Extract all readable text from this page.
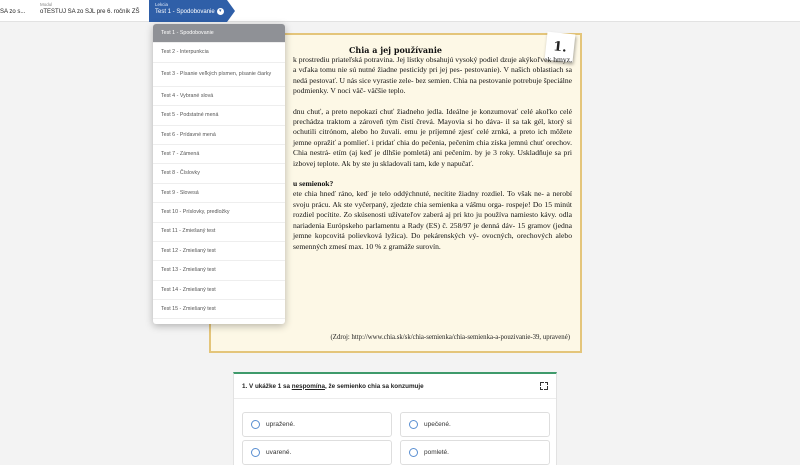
SA zo s...
Modul
oTESTUJ SA zo SJL pre 6. ročník ZŠ
Lekcia
Test 1 - Spodobovanie ▾
1.
Chia a jej používanie

k prostrediu priateľská potravina. Jej lístky obsahujú vysoký podiel dzuje akýkoľvek hmyz, a vďaka tomu nie sú nutné žiadne pesticídy pri jej pes- pestovanie). V našich oblastiach sa nedá pestovať. U nás sice vyrastie zele- bez semien. Chia na pestovanie potrebuje špeciálne podmienky. V noci väč- väčšie teplo.

dnu chuť, a preto nepokazí chuť žiadneho jedla. Ideálne je konzumovať celé akoľko celé prechádza traktom a zároveň tým čistí črevá. Mayovia si ho dáva- il sa tak gél, ktorý si ochutili citrónom, alebo ho žuvali. emu je príjemné zjesť celé zrnká, a preto ich môžete jemne opražiť a pomlieť. i pridať chia do pečenia, pečením chia získa jemnú chuť orechov. Chia nestrá- etím (aj keď je dlhšie pomletá) ani pečením. by je 3 roky. Uskladňuje sa pri izbovej teplote. Ak by ste ju skladovali tam, kde y napučať.

u semienok?

ete chia hneď ráno, keď je telo oddýchnuté, necítite žiadny rozdiel. To však ne- a nerobí svoju prácu. Ak ste vyčerpaný, zjedzte chia semienka a vášmu orga- rospeje! Do 15 minút rozdiel pocítite. Zo skúsenosti užívateľov zaberá aj pri kto ju používa namiesto kávy. odla nariadenia Európskeho parlamentu a Rady (ES) č. 258/97 je denná dáv- 15 gramov (jedna jemne kopcovitá polievková lyžica). Do pekárenských vý- ovocných, orechových alebo semenných zmesí max. 10 % z gramáže surovín.

(Zdroj: http://www.chia.sk/sk/chia-semienka/chia-semienka-a-pouzivanie-39, upravené)
Test 1 - Spodobovanie
Test 2 - Interpunkcia
Test 3 - Písanie veľkých písmen, písanie čiarky
Test 4 - Vybrané slová
Test 5 - Podstatné mená
Test 6 - Prídavné mená
Test 7 - Zámená
Test 8 - Číslovky
Test 9 - Slovesá
Test 10 - Príslovky, predložky
Test 11 - Zmiešaný test
Test 12 - Zmiešaný test
Test 13 - Zmiešaný test
Test 14 - Zmiešaný test
Test 15 - Zmiešaný test
1. V ukážke 1 sa nespomína, že semienko chia sa konzumuje
upražené.	upečené.
uvarené.	pomleté.
